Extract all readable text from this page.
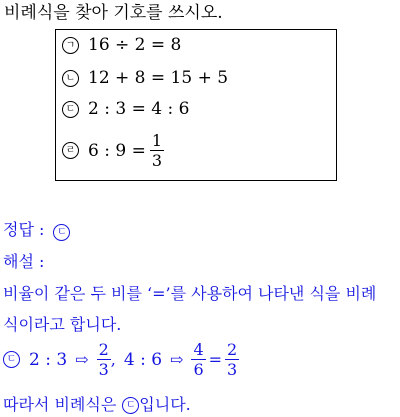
비례식을 찾아 기호를 쓰시오.
ㄱ 16 ÷ 2 = 8
ㄴ 12 + 8 = 15 + 5
ㄷ 2 : 3 = 4 : 6
ㄹ 6 : $9 = \frac{1}{3}$
정답 : ㄷ
해설 :
비율이 같은 두 비를 ‘=’를 사용하여 나타낸 식을 비례
식이라고 합니다.
ㄷ 2 : 3 ⇨ $\frac{2}{3}$ , 4 : 6 ⇨ $\frac{4}{6} = \frac{2}{3}$
따라서 비례식은 ㄷ 입니다.
